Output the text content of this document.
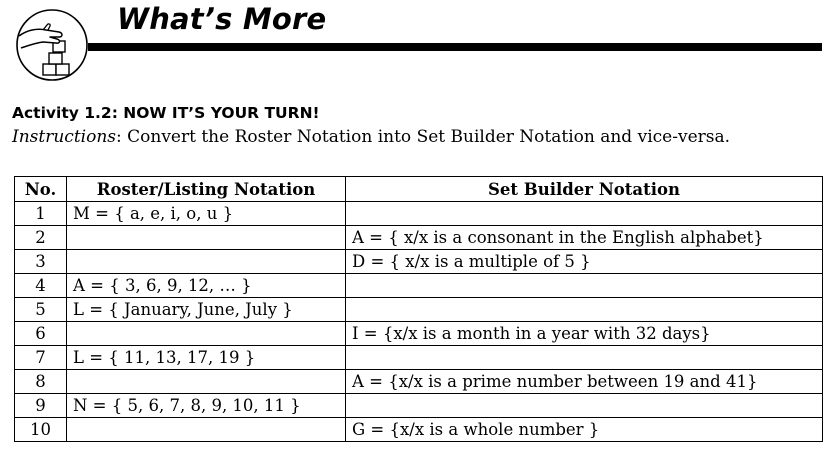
What’s More
Activity 1.2: NOW IT’S YOUR TURN!
Instructions: Convert the Roster Notation into Set Builder Notation and vice-versa.
No.	Roster/Listing Notation	Set Builder Notation
1	M = { a, e, i, o, u }	
2		A = { x/x is a consonant in the English alphabet}
3		D = { x/x is a multiple of 5 }
4	A = { 3, 6, 9, 12, … }	
5	L = { January, June, July }	
6		I = {x/x is a month in a year with 32 days}
7	L = { 11, 13, 17, 19 }	
8		A = {x/x is a prime number between 19 and 41}
9	N = { 5, 6, 7, 8, 9, 10, 11 }	
10		G = {x/x is a whole number }
